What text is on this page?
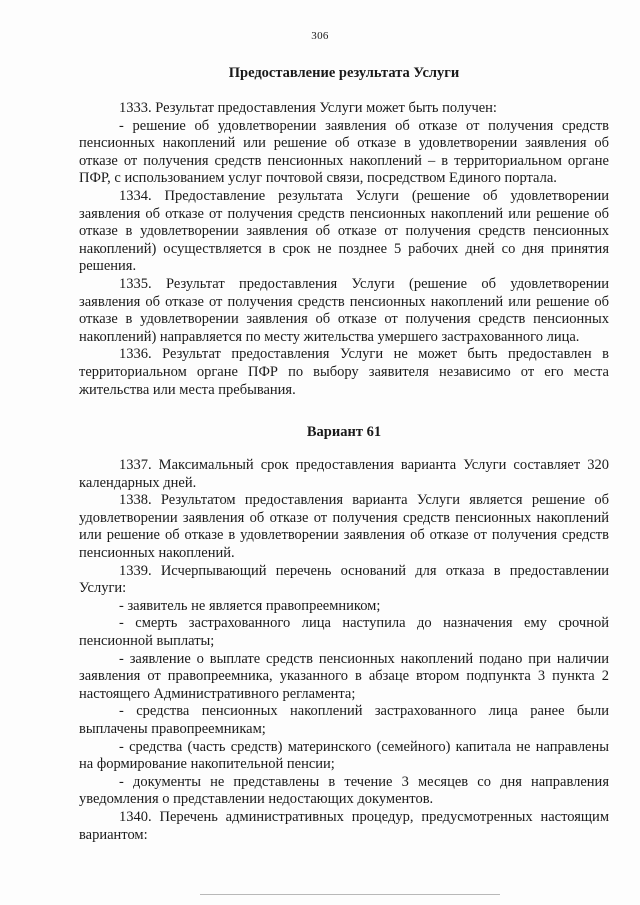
306
Предоставление результата Услуги

1333. Результат предоставления Услуги может быть получен:

- решение об удовлетворении заявления об отказе от получения средств пенсионных накоплений или решение об отказе в удовлетворении заявления об отказе от получения средств пенсионных накоплений – в территориальном органе ПФР, с использованием услуг почтовой связи, посредством Единого портала.

1334. Предоставление результата Услуги (решение об удовлетворении заявления об отказе от получения средств пенсионных накоплений или решение об отказе в удовлетворении заявления об отказе от получения средств пенсионных накоплений) осуществляется в срок не позднее 5 рабочих дней со дня принятия решения.

1335. Результат предоставления Услуги (решение об удовлетворении заявления об отказе от получения средств пенсионных накоплений или решение об отказе в удовлетворении заявления об отказе от получения средств пенсионных накоплений) направляется по месту жительства умершего застрахованного лица.

1336. Результат предоставления Услуги не может быть предоставлен в территориальном органе ПФР по выбору заявителя независимо от его места жительства или места пребывания.

Вариант 61

1337. Максимальный срок предоставления варианта Услуги составляет 320 календарных дней.

1338. Результатом предоставления варианта Услуги является решение об удовлетворении заявления об отказе от получения средств пенсионных накоплений или решение об отказе в удовлетворении заявления об отказе от получения средств пенсионных накоплений.

1339. Исчерпывающий перечень оснований для отказа в предоставлении Услуги:

- заявитель не является правопреемником;

- смерть застрахованного лица наступила до назначения ему срочной пенсионной выплаты;

- заявление о выплате средств пенсионных накоплений подано при наличии заявления от правопреемника, указанного в абзаце втором подпункта 3 пункта 2 настоящего Административного регламента;

- средства пенсионных накоплений застрахованного лица ранее были выплачены правопреемникам;

- средства (часть средств) материнского (семейного) капитала не направлены на формирование накопительной пенсии;

- документы не представлены в течение 3 месяцев со дня направления уведомления о представлении недостающих документов.

1340. Перечень административных процедур, предусмотренных настоящим вариантом:
